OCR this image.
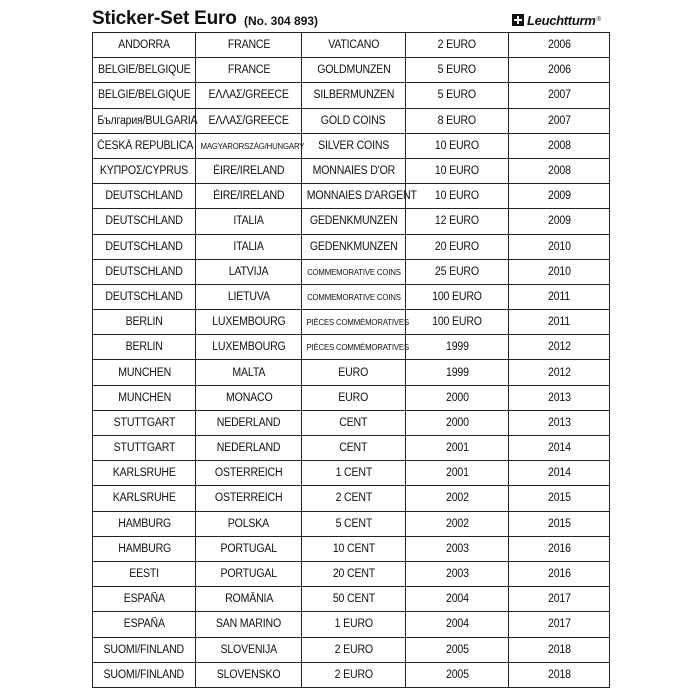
Sticker-Set Euro (No. 304 893)	Leuchtturm ®
ANDORRA	FRANCE	VATICANO	2 EURO	2006
BELGIË/BELGIQUE	FRANCE	GOLDMÜNZEN	5 EURO	2006
BELGIË/BELGIQUE	ΕΛΛΑΣ/GREECE	SILBERMÜNZEN	5 EURO	2007
България/BULGARIA	ΕΛΛΑΣ/GREECE	GOLD COINS	8 EURO	2007
ČESKÁ REPUBLICA	MAGYARORSZÁG/HUNGARY	SILVER COINS	10 EURO	2008
ΚΥΠΡΟΣ/CYPRUS	ÉIRE/IRELAND	MONNAIES D'OR	10 EURO	2008
DEUTSCHLAND	ÉIRE/IRELAND	MONNAIES D'ARGENT	10 EURO	2009
DEUTSCHLAND	ITALIA	GEDENKMÜNZEN	12 EURO	2009
DEUTSCHLAND	ITALIA	GEDENKMÜNZEN	20 EURO	2010
DEUTSCHLAND	LATVIJA	COMMEMORATIVE COINS	25 EURO	2010
DEUTSCHLAND	LIETUVA	COMMEMORATIVE COINS	100 EURO	2011
BERLIN	LUXEMBOURG	PIÈCES COMMÉMORATIVES	100 EURO	2011
BERLIN	LUXEMBOURG	PIÈCES COMMÉMORATIVES	1999	2012
MÜNCHEN	MALTA	EURO	1999	2012
MÜNCHEN	MONACO	EURO	2000	2013
STUTTGART	NEDERLAND	CENT	2000	2013
STUTTGART	NEDERLAND	CENT	2001	2014
KARLSRUHE	ÖSTERREICH	1 CENT	2001	2014
KARLSRUHE	ÖSTERREICH	2 CENT	2002	2015
HAMBURG	POLSKA	5 CENT	2002	2015
HAMBURG	PORTUGAL	10 CENT	2003	2016
EESTI	PORTUGAL	20 CENT	2003	2016
ESPAÑA	ROMÂNIA	50 CENT	2004	2017
ESPAÑA	SAN MARINO	1 EURO	2004	2017
SUOMI/FINLAND	SLOVENIJA	2 EURO	2005	2018
SUOMI/FINLAND	SLOVENSKO	2 EURO	2005	2018
